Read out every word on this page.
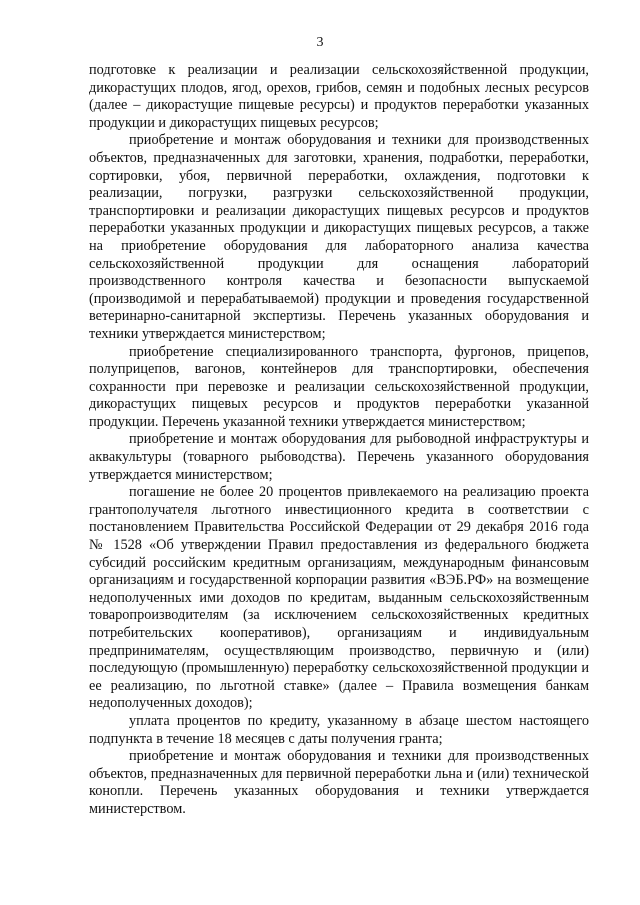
3

подготовке к реализации и реализации сельскохозяйственной продукции, дикорастущих плодов, ягод, орехов, грибов, семян и подобных лесных ресурсов (далее – дикорастущие пищевые ресурсы) и продуктов переработки указанных продукции и дикорастущих пищевых ресурсов;

приобретение и монтаж оборудования и техники для производственных объектов, предназначенных для заготовки, хранения, подработки, переработки, сортировки, убоя, первичной переработки, охлаждения, подготовки к реализации, погрузки, разгрузки сельскохозяйственной продукции, транспортировки и реализации дикорастущих пищевых ресурсов и продуктов переработки указанных продукции и дикорастущих пищевых ресурсов, а также на приобретение оборудования для лабораторного анализа качества сельскохозяйственной продукции для оснащения лабораторий производственного контроля качества и безопасности выпускаемой (производимой и перерабатываемой) продукции и проведения государственной ветеринарно-санитарной экспертизы. Перечень указанных оборудования и техники утверждается министерством;

приобретение специализированного транспорта, фургонов, прицепов, полуприцепов, вагонов, контейнеров для транспортировки, обеспечения сохранности при перевозке и реализации сельскохозяйственной продукции, дикорастущих пищевых ресурсов и продуктов переработки указанной продукции. Перечень указанной техники утверждается министерством;

приобретение и монтаж оборудования для рыбоводной инфраструктуры и аквакультуры (товарного рыбоводства). Перечень указанного оборудования утверждается министерством;

погашение не более 20 процентов привлекаемого на реализацию проекта грантополучателя льготного инвестиционного кредита в соответствии с постановлением Правительства Российской Федерации от 29 декабря 2016 года № 1528 «Об утверждении Правил предоставления из федерального бюджета субсидий российским кредитным организациям, международным финансовым организациям и государственной корпорации развития «ВЭБ.РФ» на возмещение недополученных ими доходов по кредитам, выданным сельскохозяйственным товаропроизводителям (за исключением сельскохозяйственных кредитных потребительских кооперативов), организациям и индивидуальным предпринимателям, осуществляющим производство, первичную и (или) последующую (промышленную) переработку сельскохозяйственной продукции и ее реализацию, по льготной ставке» (далее – Правила возмещения банкам недополученных доходов);

уплата процентов по кредиту, указанному в абзаце шестом настоящего подпункта в течение 18 месяцев с даты получения гранта;

приобретение и монтаж оборудования и техники для производственных объектов, предназначенных для первичной переработки льна и (или) технической конопли. Перечень указанных оборудования и техники утверждается министерством.
